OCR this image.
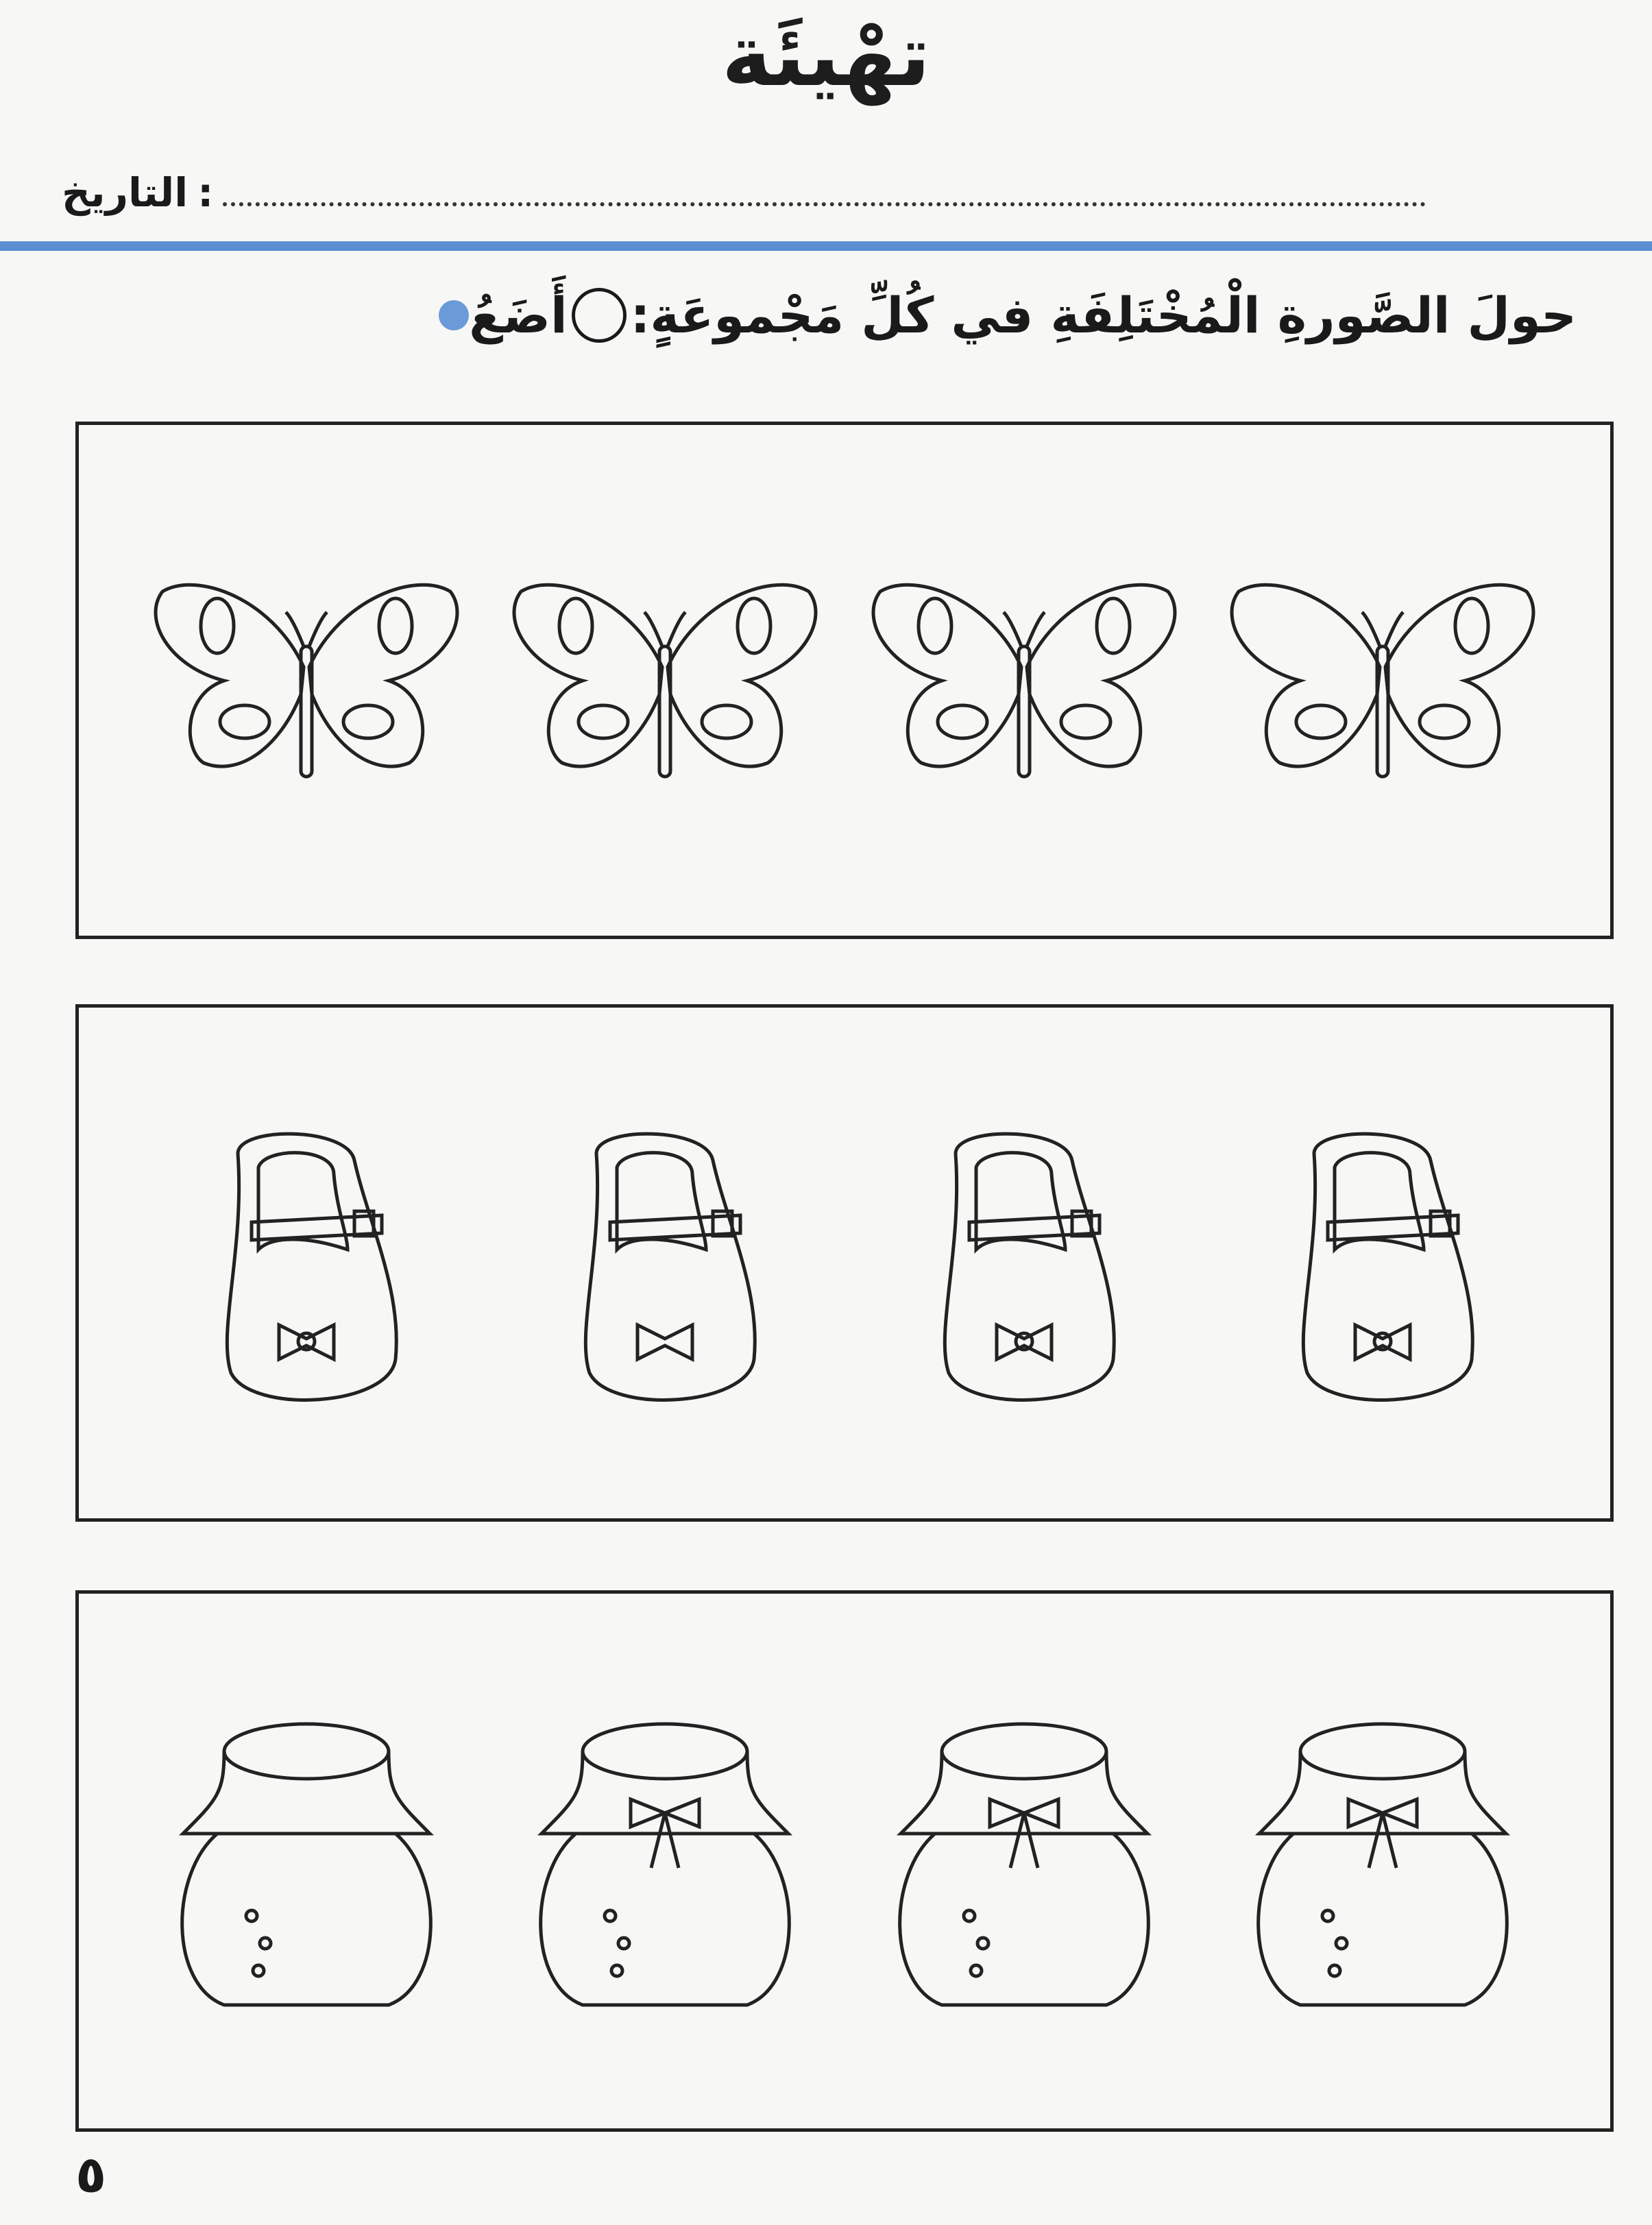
تهْيئَة
التاريخ :
أَضَعُ حولَ الصَّورةِ الْمُخْتَلِفَةِ في كُلِّ مَجْموعَةٍ:
٥
